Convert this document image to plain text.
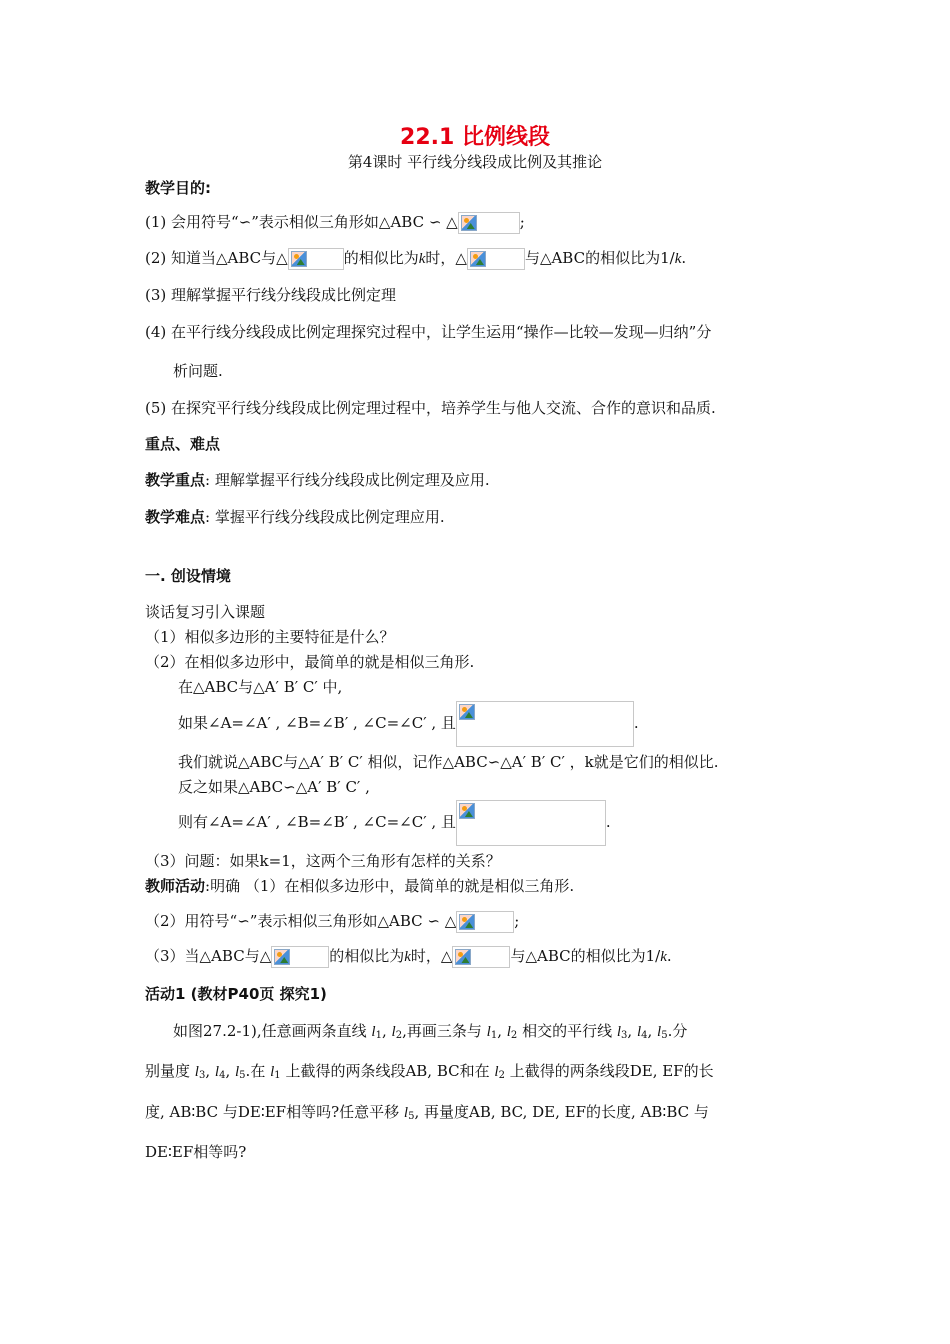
22.1 比例线段
第4课时 平行线分线段成比例及其推论
教学目的:
(1) 会用符号“∽”表示相似三角形如△ABC ∽ △	;
(2) 知道当△ABC与△	的相似比为k时，△	与△ABC的相似比为1/k.
(3) 理解掌握平行线分线段成比例定理
(4) 在平行线分线段成比例定理探究过程中，让学生运用“操作—比较—发现—归纳”分
析问题.
(5) 在探究平行线分线段成比例定理过程中，培养学生与他人交流、合作的意识和品质.
重点、难点
教学重点: 理解掌握平行线分线段成比例定理及应用.
教学难点: 掌握平行线分线段成比例定理应用.
一. 创设情境
谈话复习引入课题
（1）相似多边形的主要特征是什么？
（2）在相似多边形中，最简单的就是相似三角形.
在△ABC与△A′ B′ C′ 中,
如果∠A=∠A′ , ∠B=∠B′ , ∠C=∠C′ , 且	.
我们就说△ABC与△A′ B′ C′ 相似，记作△ABC∽△A′ B′ C′ ，k就是它们的相似比.
反之如果△ABC∽△A′ B′ C′ ,
则有∠A=∠A′ , ∠B=∠B′ , ∠C=∠C′ , 且	.
（3）问题：如果k=1，这两个三角形有怎样的关系？
教师活动:明确 （1）在相似多边形中，最简单的就是相似三角形.
（2）用符号“∽”表示相似三角形如△ABC ∽ △	;
（3）当△ABC与△	的相似比为k时，△	与△ABC的相似比为1/k.
活动1 (教材P40页 探究1)
如图27.2-1),任意画两条直线 $l_1$, $l_2$,再画三条与 $l_1$, $l_2$ 相交的平行线 $l_3$, $l_4$, $l_5$.分
别量度 $l_3$, $l_4$, $l_5$.在 $l_1$ 上截得的两条线段AB, BC和在 $l_2$ 上截得的两条线段DE, EF的长
度, AB∶BC 与DE∶EF相等吗?任意平移 $l_5$, 再量度AB, BC, DE, EF的长度, AB∶BC 与
DE∶EF相等吗?
